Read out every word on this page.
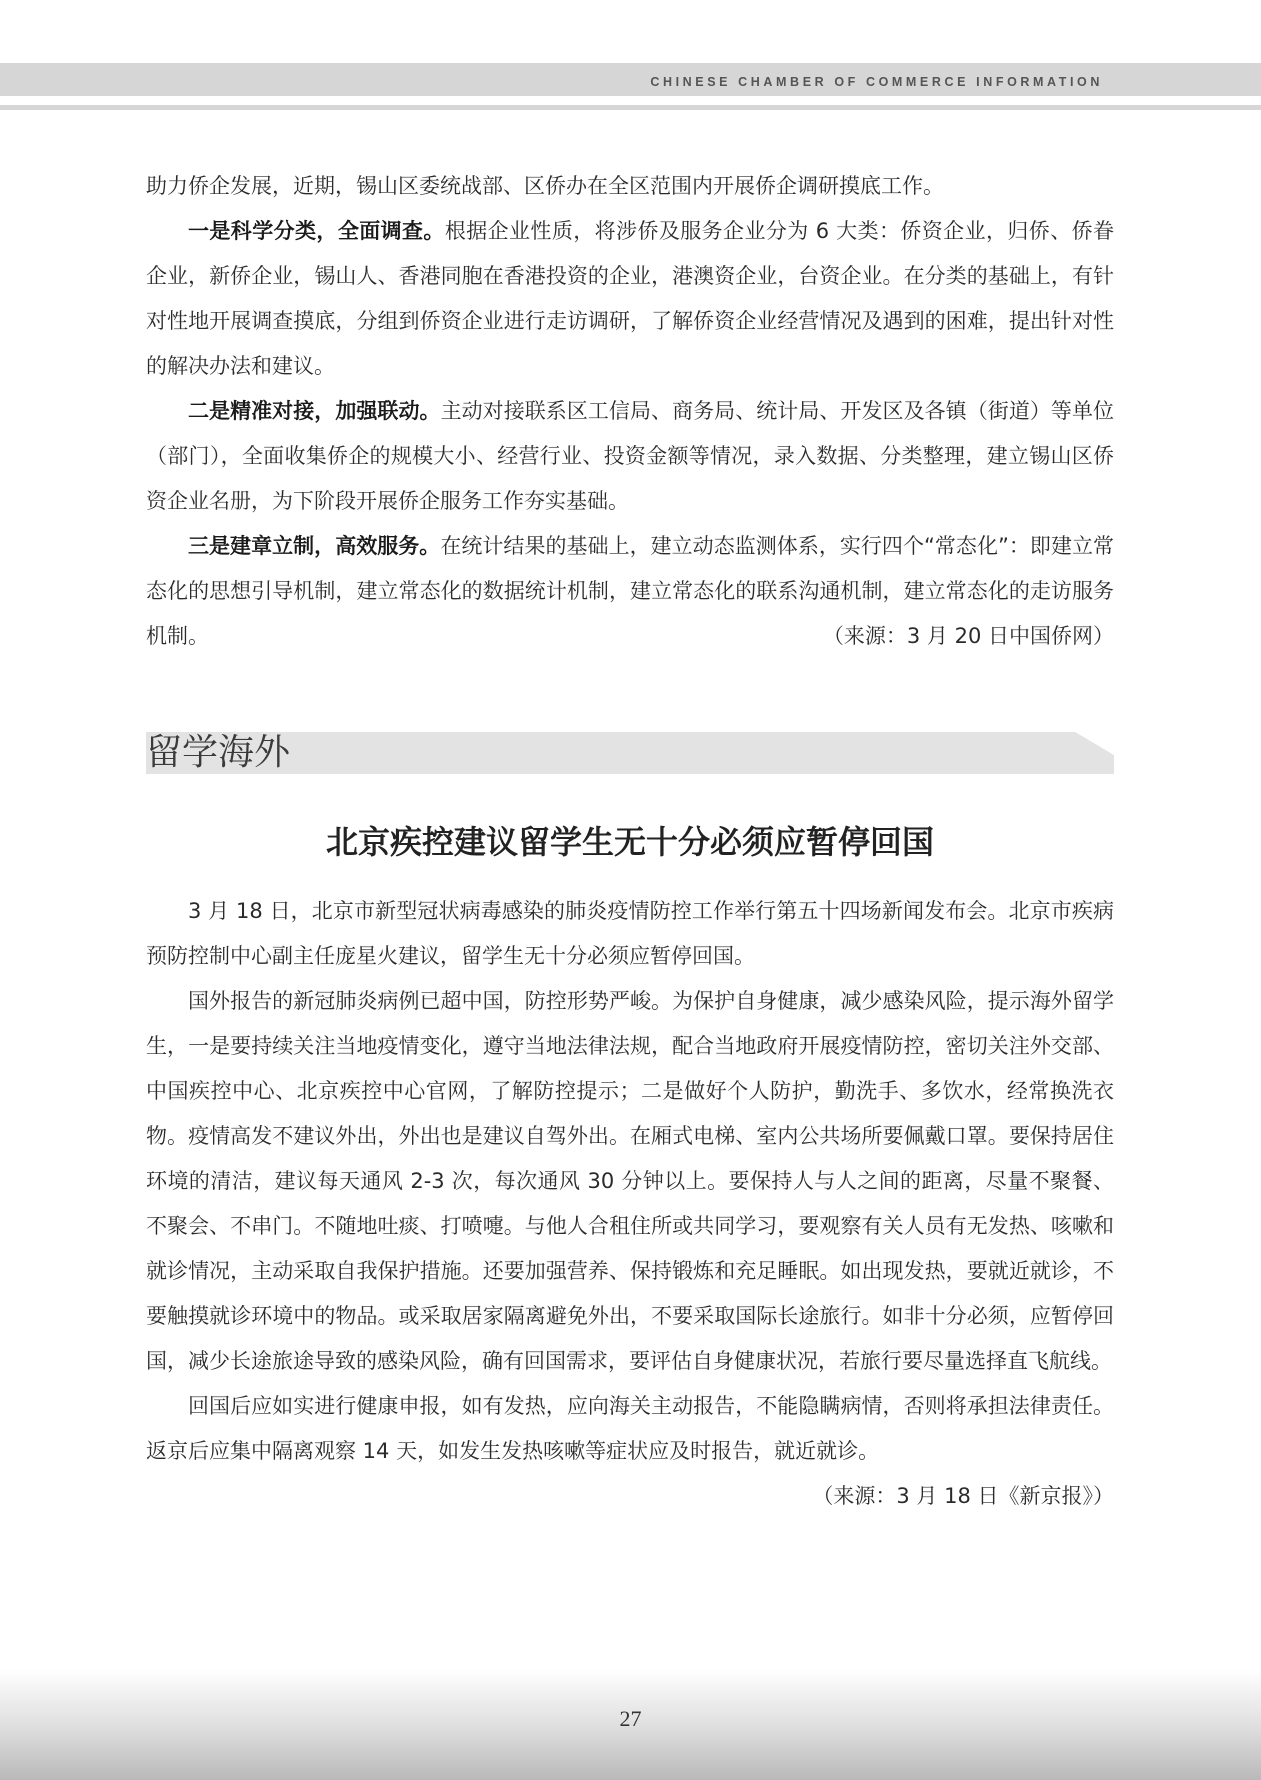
CHINESE CHAMBER OF COMMERCE INFORMATION

助力侨企发展，近期，锡山区委统战部、区侨办在全区范围内开展侨企调研摸底工作。

一是科学分类，全面调查。根据企业性质，将涉侨及服务企业分为 6 大类：侨资企业，归侨、侨眷企业，新侨企业，锡山人、香港同胞在香港投资的企业，港澳资企业，台资企业。在分类的基础上，有针对性地开展调查摸底，分组到侨资企业进行走访调研，了解侨资企业经营情况及遇到的困难，提出针对性的解决办法和建议。

二是精准对接，加强联动。主动对接联系区工信局、商务局、统计局、开发区及各镇（街道）等单位（部门），全面收集侨企的规模大小、经营行业、投资金额等情况，录入数据、分类整理，建立锡山区侨资企业名册，为下阶段开展侨企服务工作夯实基础。

三是建章立制，高效服务。在统计结果的基础上，建立动态监测体系，实行四个“常态化”：即建立常态化的思想引导机制，建立常态化的数据统计机制，建立常态化的联系沟通机制，建立常态化的走访服务机制。	（来源：3 月 20 日中国侨网）

留学海外
北京疾控建议留学生无十分必须应暂停回国

3 月 18 日，北京市新型冠状病毒感染的肺炎疫情防控工作举行第五十四场新闻发布会。北京市疾病预防控制中心副主任庞星火建议，留学生无十分必须应暂停回国。

国外报告的新冠肺炎病例已超中国，防控形势严峻。为保护自身健康，减少感染风险，提示海外留学生，一是要持续关注当地疫情变化，遵守当地法律法规，配合当地政府开展疫情防控，密切关注外交部、中国疾控中心、北京疾控中心官网，了解防控提示；二是做好个人防护，勤洗手、多饮水，经常换洗衣物。疫情高发不建议外出，外出也是建议自驾外出。在厢式电梯、室内公共场所要佩戴口罩。要保持居住环境的清洁，建议每天通风 2-3 次，每次通风 30 分钟以上。要保持人与人之间的距离，尽量不聚餐、不聚会、不串门。不随地吐痰、打喷嚏。与他人合租住所或共同学习，要观察有关人员有无发热、咳嗽和就诊情况，主动采取自我保护措施。还要加强营养、保持锻炼和充足睡眠。如出现发热，要就近就诊，不要触摸就诊环境中的物品。或采取居家隔离避免外出，不要采取国际长途旅行。如非十分必须，应暂停回国，减少长途旅途导致的感染风险，确有回国需求，要评估自身健康状况，若旅行要尽量选择直飞航线。

回国后应如实进行健康申报，如有发热，应向海关主动报告，不能隐瞒病情，否则将承担法律责任。返京后应集中隔离观察 14 天，如发生发热咳嗽等症状应及时报告，就近就诊。

（来源：3 月 18 日《新京报》）

27
